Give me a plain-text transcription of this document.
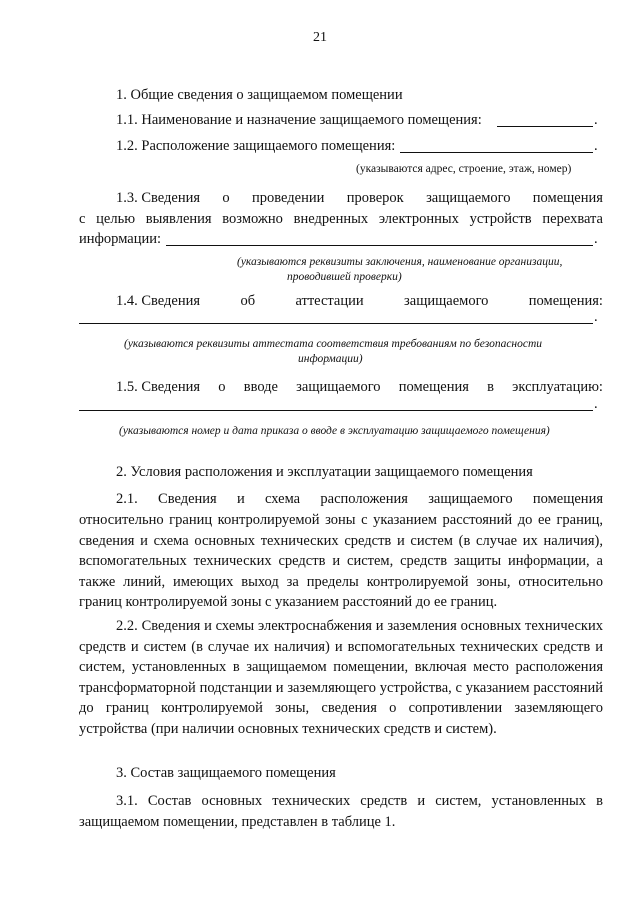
21
1. Общие сведения о защищаемом помещении
1.1. Наименование и назначение защищаемого помещения:	.
1.2. Расположение защищаемого помещения:	.
(указываются адрес, строение, этаж, номер)
1.3. Сведения о проведении проверок защищаемого помещения
с целью выявления возможно внедренных электронных устройств перехвата
информации:	.
(указываются реквизиты заключения, наименование организации,
проводившей проверки)
1.4. Сведения	об	аттестации	защищаемого	помещения:
.
(указываются реквизиты аттестата соответствия требованиям по безопасности
информации)
1.5. Сведения о вводе защищаемого помещения в эксплуатацию:
.
(указываются номер и дата приказа о вводе в эксплуатацию защищаемого помещения)
2. Условия расположения и эксплуатации защищаемого помещения
2.1. Сведения и схема расположения защищаемого помещения

относительно границ контролируемой зоны с указанием расстояний до ее границ, сведения и схема основных технических средств и систем (в случае их наличия), вспомогательных технических средств и систем, средств защиты информации, а также линий, имеющих выход за пределы контролируемой зоны, относительно границ контролируемой зоны с указанием расстояний до ее границ.

2.2. Сведения и схемы электроснабжения и заземления основных технических средств и систем (в случае их наличия) и вспомогательных технических средств и систем, установленных в защищаемом помещении, включая место расположения трансформаторной подстанции и заземляющего устройства, с указанием расстояний до границ контролируемой зоны, сведения о сопротивлении заземляющего устройства (при наличии основных технических средств и систем).

3. Состав защищаемого помещения

3.1. Состав основных технических средств и систем, установленных в защищаемом помещении, представлен в таблице 1.
